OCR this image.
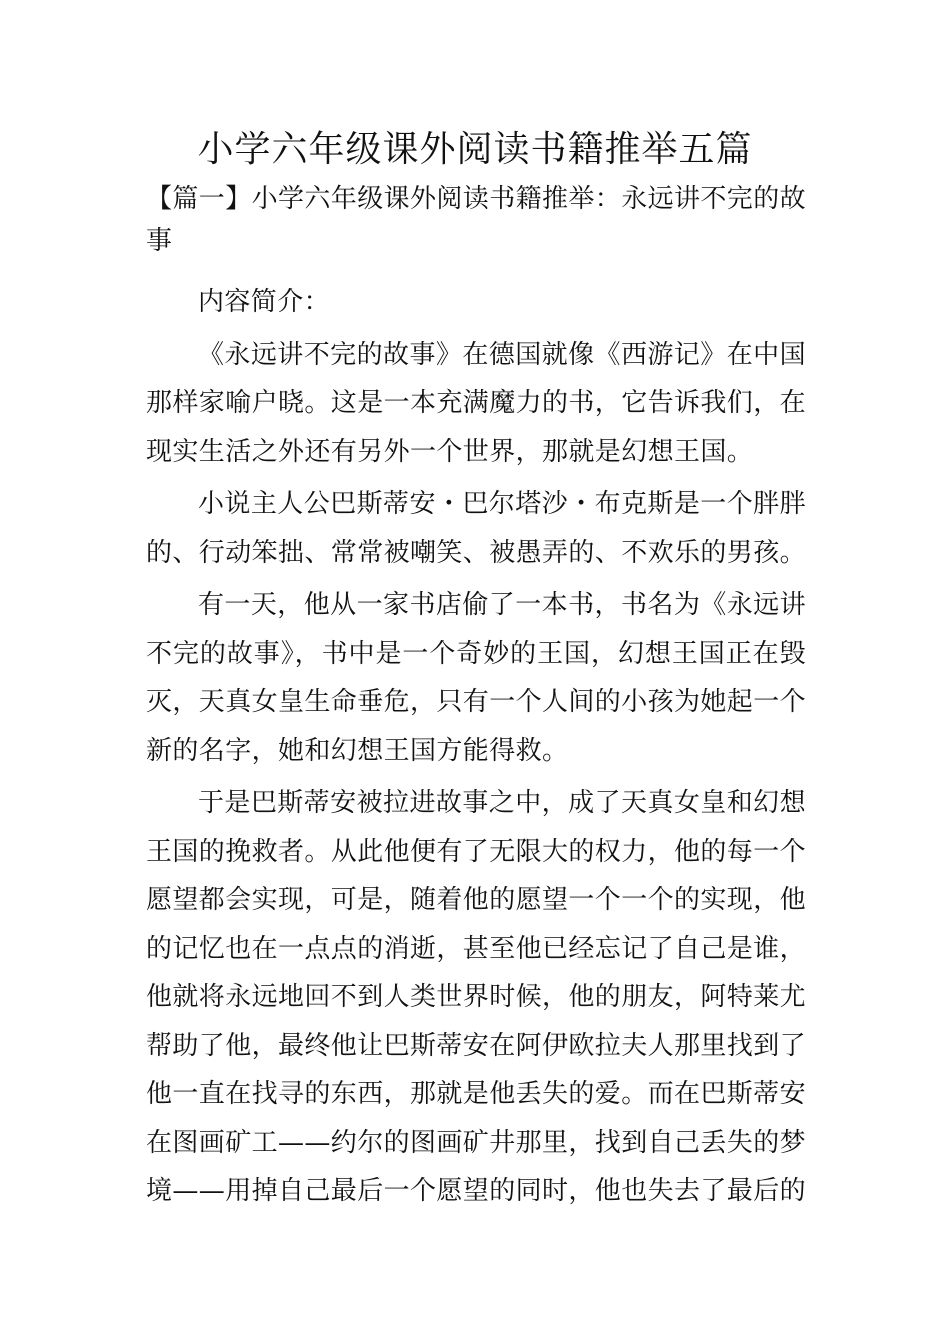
小学六年级课外阅读书籍推举五篇

【篇一】小学六年级课外阅读书籍推举：永远讲不完的故事

内容简介：

《永远讲不完的故事》在德国就像《西游记》在中国那样家喻户晓。这是一本充满魔力的书，它告诉我们，在现实生活之外还有另外一个世界，那就是幻想王国。

小说主人公巴斯蒂安・巴尔塔沙・布克斯是一个胖胖的、行动笨拙、常常被嘲笑、被愚弄的、不欢乐的男孩。

有一天，他从一家书店偷了一本书，书名为《永远讲不完的故事》，书中是一个奇妙的王国，幻想王国正在毁灭，天真女皇生命垂危，只有一个人间的小孩为她起一个新的名字，她和幻想王国方能得救。

于是巴斯蒂安被拉进故事之中，成了天真女皇和幻想王国的挽救者。从此他便有了无限大的权力，他的每一个愿望都会实现，可是，随着他的愿望一个一个的实现，他的记忆也在一点点的消逝，甚至他已经忘记了自己是谁，他就将永远地回不到人类世界时候，他的朋友，阿特莱尤帮助了他，最终他让巴斯蒂安在阿伊欧拉夫人那里找到了他一直在找寻的东西，那就是他丢失的爱。而在巴斯蒂安在图画矿工——约尔的图画矿井那里，找到自己丢失的梦境——用掉自己最后一个愿望的同时，他也失去了最后的
